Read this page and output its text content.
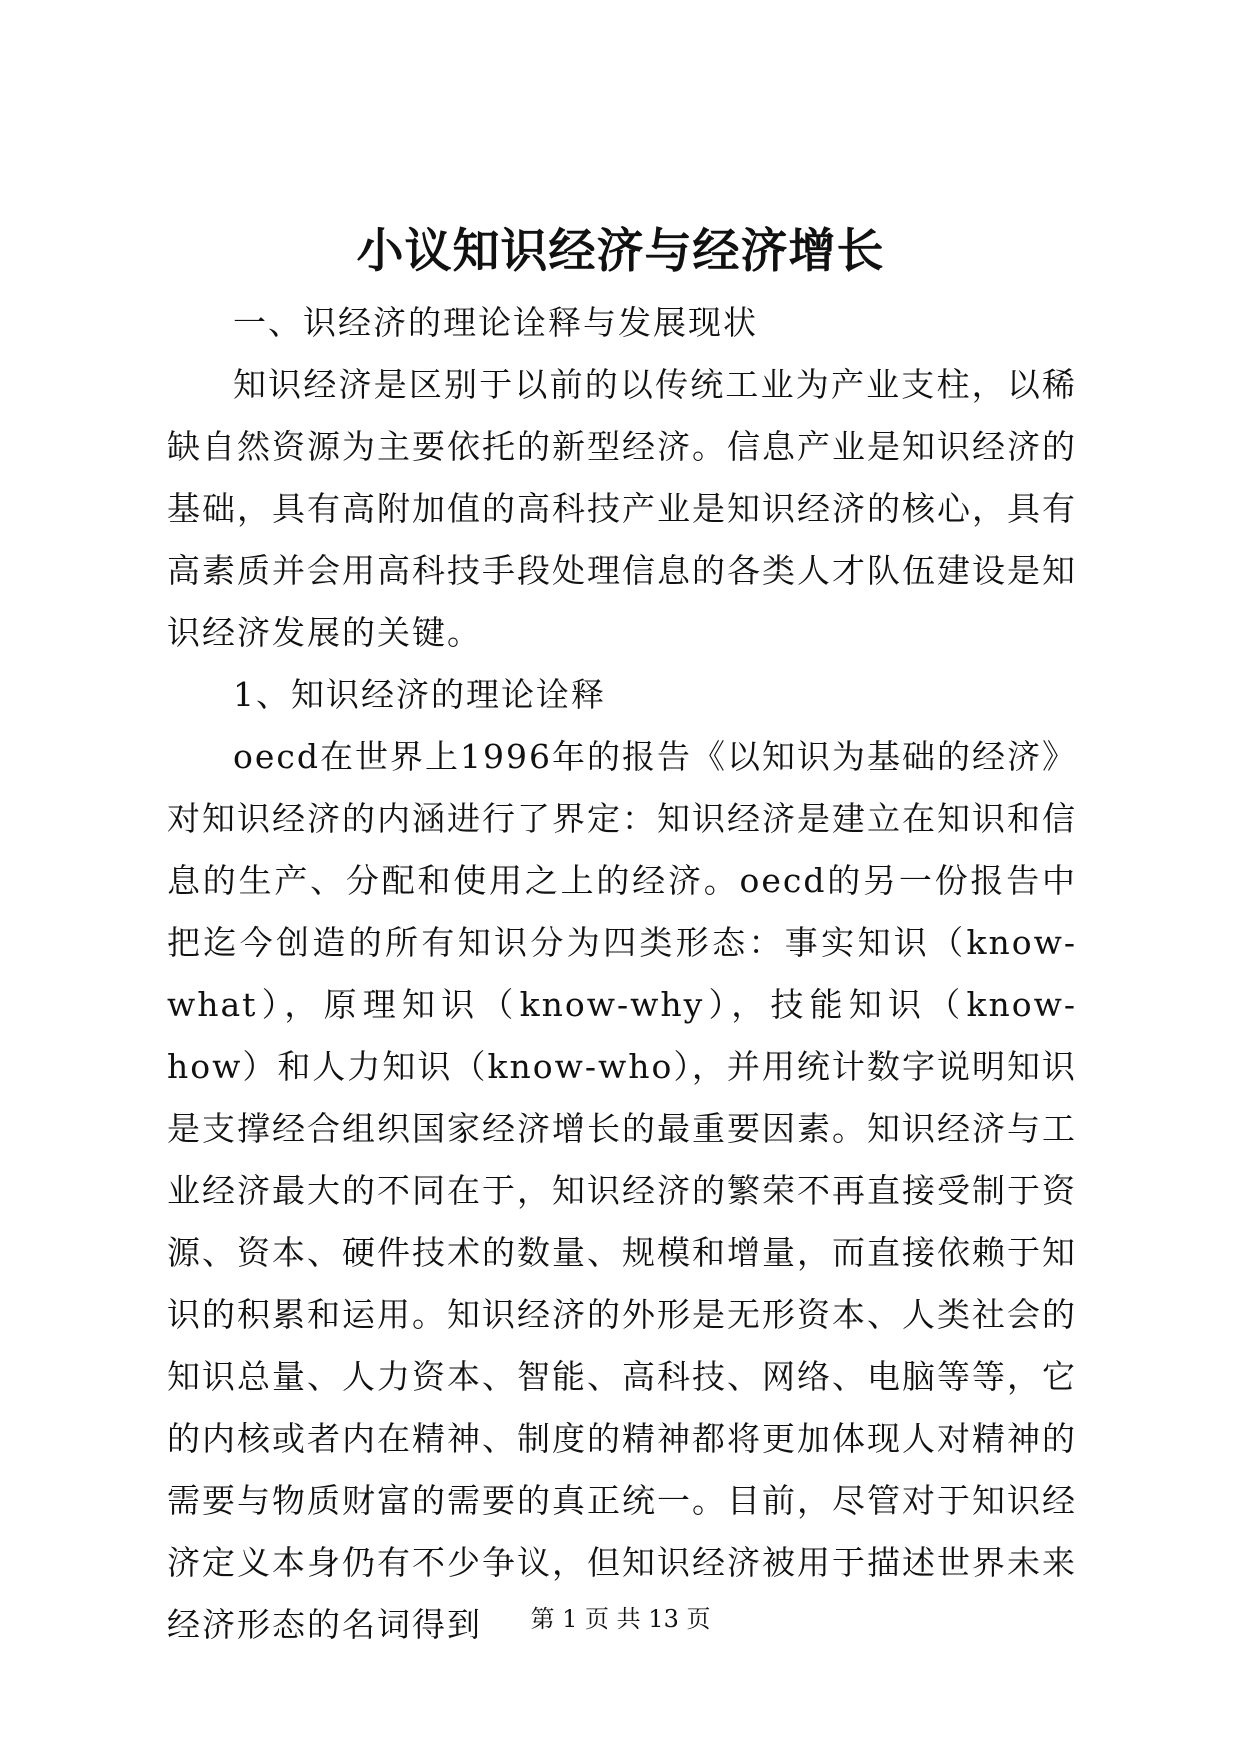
小议知识经济与经济增长

一、识经济的理论诠释与发展现状

知识经济是区别于以前的以传统工业为产业支柱，以稀缺自然资源为主要依托的新型经济。信息产业是知识经济的基础，具有高附加值的高科技产业是知识经济的核心，具有高素质并会用高科技手段处理信息的各类人才队伍建设是知识经济发展的关键。

1、知识经济的理论诠释

oecd在世界上1996年的报告《以知识为基础的经济》对知识经济的内涵进行了界定：知识经济是建立在知识和信息的生产、分配和使用之上的经济。oecd的另一份报告中把迄今创造的所有知识分为四类形态：事实知识（know-what），原理知识（know-why），技能知识（know-how）和人力知识（know-who），并用统计数字说明知识是支撑经合组织国家经济增长的最重要因素。知识经济与工业经济最大的不同在于，知识经济的繁荣不再直接受制于资源、资本、硬件技术的数量、规模和增量，而直接依赖于知识的积累和运用。知识经济的外形是无形资本、人类社会的知识总量、人力资本、智能、高科技、网络、电脑等等，它的内核或者内在精神、制度的精神都将更加体现人对精神的需要与物质财富的需要的真正统一。目前，尽管对于知识经济定义本身仍有不少争议，但知识经济被用于描述世界未来经济形态的名词得到	第 1 页 共 13 页
